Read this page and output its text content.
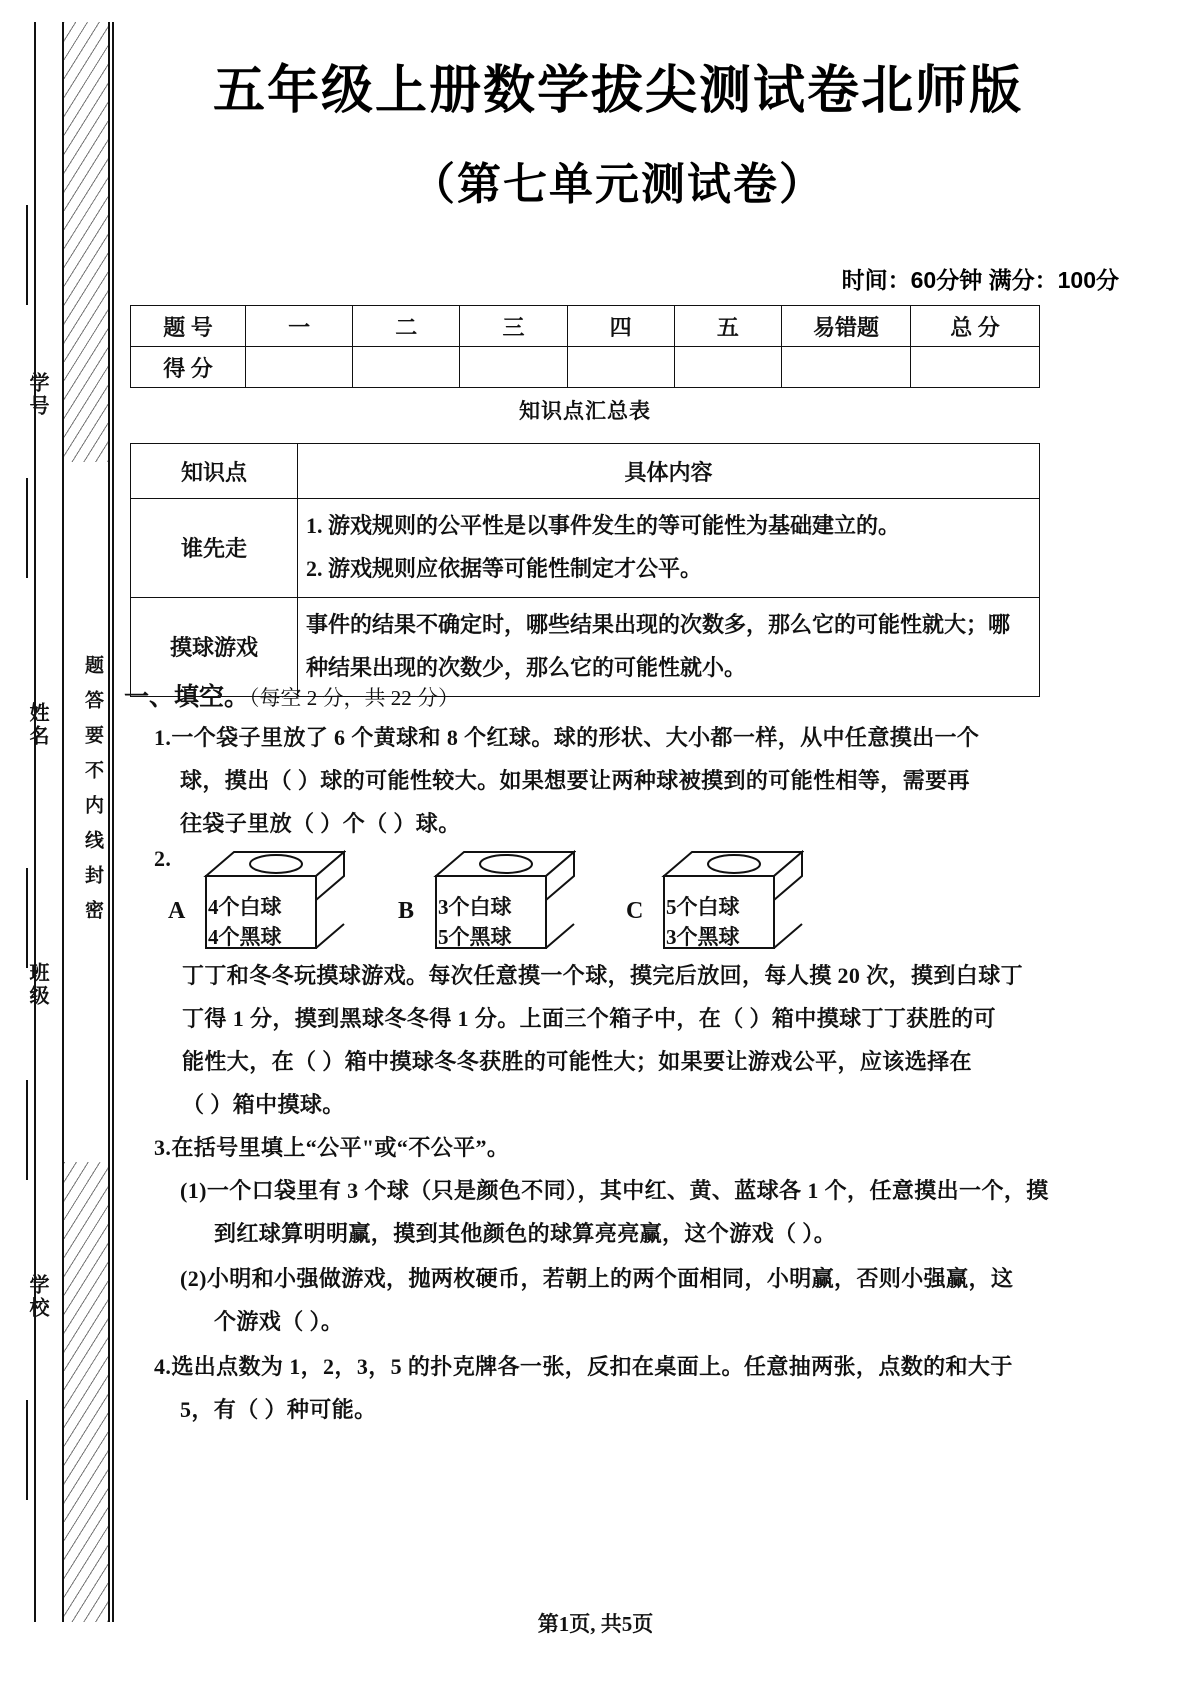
学号
姓名
班级
学校
题答要不内线封密
五年级上册数学拔尖测试卷北师版
（第七单元测试卷）
时间：60分钟 满分：100分
题 号	一	二	三	四	五	易错题	总 分
得 分							
知识点汇总表
知识点	具体内容
谁先走	1. 游戏规则的公平性是以事件发生的等可能性为基础建立的。
2. 游戏规则应依据等可能性制定才公平。

摸球游戏	事件的结果不确定时，哪些结果出现的次数多，那么它的可能性就大；哪
种结果出现的次数少，那么它的可能性就小。
一、填空。（每空 2 分，共 22 分）
1.一个袋子里放了 6 个黄球和 8 个红球。球的形状、大小都一样，从中任意摸出一个
球，摸出（ ）球的可能性较大。如果想要让两种球被摸到的可能性相等，需要再
往袋子里放（ ）个（ ）球。
2.
A 4个白球
4个黑球
B 3个白球
5个黑球
C 5个白球
3个黑球
丁丁和冬冬玩摸球游戏。每次任意摸一个球，摸完后放回，每人摸 20 次，摸到白球丁
丁得 1 分，摸到黑球冬冬得 1 分。上面三个箱子中，在（ ）箱中摸球丁丁获胜的可
能性大，在（ ）箱中摸球冬冬获胜的可能性大；如果要让游戏公平，应该选择在
（ ）箱中摸球。
3.在括号里填上“公平"或“不公平”。
(1)一个口袋里有 3 个球（只是颜色不同），其中红、黄、蓝球各 1 个，任意摸出一个，摸
到红球算明明赢，摸到其他颜色的球算亮亮赢，这个游戏（ ）。
(2)小明和小强做游戏，抛两枚硬币，若朝上的两个面相同，小明赢，否则小强赢，这
个游戏（ ）。
4.选出点数为 1，2，3，5 的扑克牌各一张，反扣在桌面上。任意抽两张，点数的和大于
5，有（ ）种可能。
第1页, 共5页
